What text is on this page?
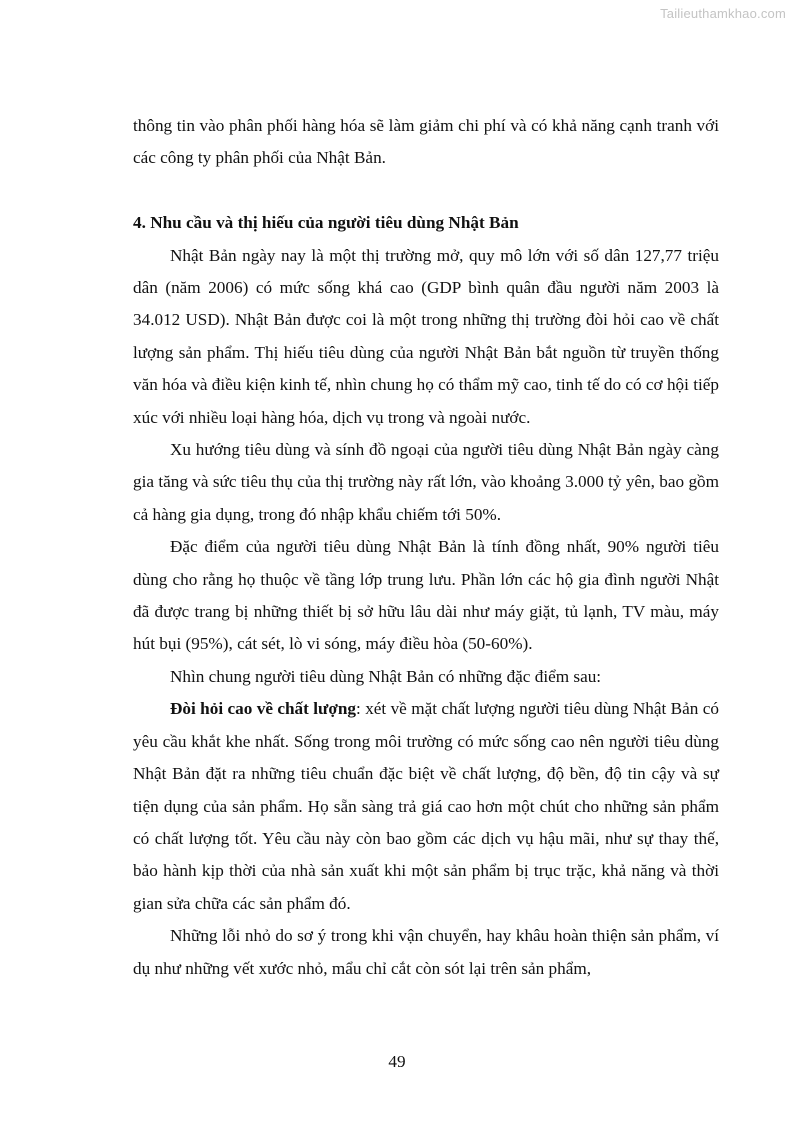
Tailieuthamkhao.com

thông tin vào phân phối hàng hóa sẽ làm giảm chi phí và có khả năng cạnh tranh với các công ty phân phối của Nhật Bản.

4. Nhu cầu và thị hiếu của người tiêu dùng Nhật Bản

Nhật Bản ngày nay là một thị trường mở, quy mô lớn với số dân 127,77 triệu dân (năm 2006) có mức sống khá cao (GDP bình quân đầu người năm 2003 là 34.012 USD). Nhật Bản được coi là một trong những thị trường đòi hỏi cao về chất lượng sản phẩm. Thị hiếu tiêu dùng của người Nhật Bản bắt nguồn từ truyền thống văn hóa và điều kiện kinh tế, nhìn chung họ có thẩm mỹ cao, tinh tế do có cơ hội tiếp xúc với nhiều loại hàng hóa, dịch vụ trong và ngoài nước.

Xu hướng tiêu dùng và sính đồ ngoại của người tiêu dùng Nhật Bản ngày càng gia tăng và sức tiêu thụ của thị trường này rất lớn, vào khoảng 3.000 tỷ yên, bao gồm cả hàng gia dụng, trong đó nhập khẩu chiếm tới 50%.

Đặc điểm của người tiêu dùng Nhật Bản là tính đồng nhất, 90% người tiêu dùng cho rằng họ thuộc về tầng lớp trung lưu. Phần lớn các hộ gia đình người Nhật đã được trang bị những thiết bị sở hữu lâu dài như máy giặt, tủ lạnh, TV màu, máy hút bụi (95%), cát sét, lò vi sóng, máy điều hòa (50-60%).

Nhìn chung người tiêu dùng Nhật Bản có những đặc điểm sau:

Đòi hỏi cao về chất lượng: xét về mặt chất lượng người tiêu dùng Nhật Bản có yêu cầu khắt khe nhất. Sống trong môi trường có mức sống cao nên người tiêu dùng Nhật Bản đặt ra những tiêu chuẩn đặc biệt về chất lượng, độ bền, độ tin cậy và sự tiện dụng của sản phẩm. Họ sẵn sàng trả giá cao hơn một chút cho những sản phẩm có chất lượng tốt. Yêu cầu này còn bao gồm các dịch vụ hậu mãi, như sự thay thế, bảo hành kịp thời của nhà sản xuất khi một sản phẩm bị trục trặc, khả năng và thời gian sửa chữa các sản phẩm đó.

Những lỗi nhỏ do sơ ý trong khi vận chuyển, hay khâu hoàn thiện sản phẩm, ví dụ như những vết xước nhỏ, mẩu chỉ cắt còn sót lại trên sản phẩm,

49
